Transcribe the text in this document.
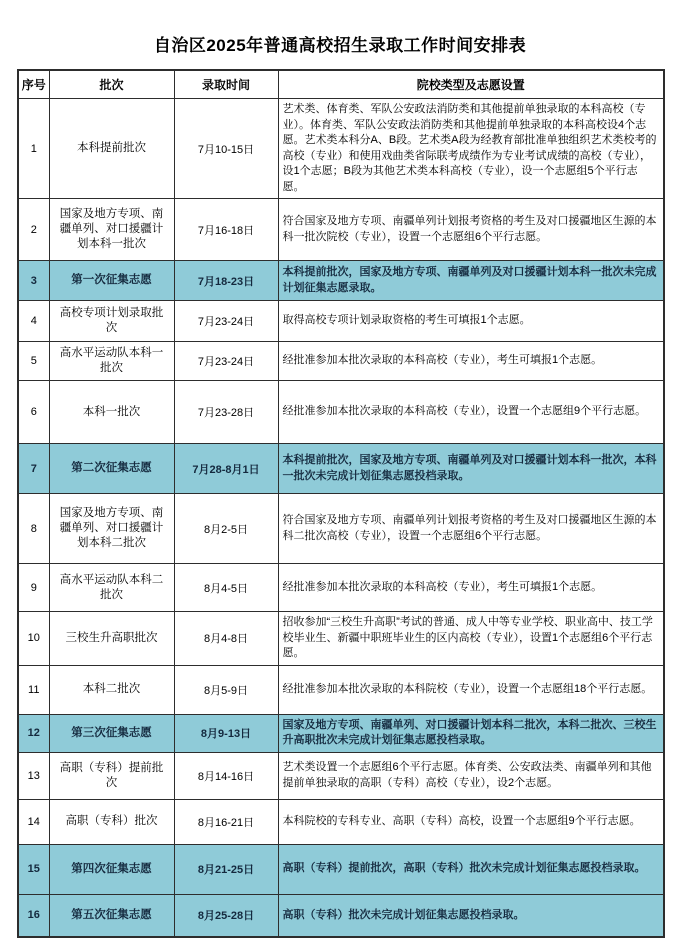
自治区2025年普通高校招生录取工作时间安排表
序号	批次	录取时间	院校类型及志愿设置
1	本科提前批次	7月10-15日	艺术类、体育类、军队公安政法消防类和其他提前单独录取的本科高校（专业）。体育类、军队公安政法消防类和其他提前单独录取的本科高校设4个志愿。艺术类本科分A、B段。艺术类A段为经教育部批准单独组织艺术类校考的高校（专业）和使用戏曲类省际联考成绩作为专业考试成绩的高校（专业），设1个志愿；B段为其他艺术类本科高校（专业），设一个志愿组5个平行志愿。
2	国家及地方专项、南疆单列、对口援疆计划本科一批次	7月16-18日	符合国家及地方专项、南疆单列计划报考资格的考生及对口援疆地区生源的本科一批次院校（专业），设置一个志愿组6个平行志愿。
3	第一次征集志愿	7月18-23日	本科提前批次，国家及地方专项、南疆单列及对口援疆计划本科一批次未完成计划征集志愿录取。
4	高校专项计划录取批次	7月23-24日	取得高校专项计划录取资格的考生可填报1个志愿。
5	高水平运动队本科一批次	7月23-24日	经批准参加本批次录取的本科高校（专业），考生可填报1个志愿。
6	本科一批次	7月23-28日	经批准参加本批次录取的本科高校（专业），设置一个志愿组9个平行志愿。
7	第二次征集志愿	7月28-8月1日	本科提前批次，国家及地方专项、南疆单列及对口援疆计划本科一批次，本科一批次未完成计划征集志愿投档录取。
8	国家及地方专项、南疆单列、对口援疆计划本科二批次	8月2-5日	符合国家及地方专项、南疆单列计划报考资格的考生及对口援疆地区生源的本科二批次高校（专业），设置一个志愿组6个平行志愿。
9	高水平运动队本科二批次	8月4-5日	经批准参加本批次录取的本科高校（专业），考生可填报1个志愿。
10	三校生升高职批次	8月4-8日	招收参加“三校生升高职”考试的普通、成人中等专业学校、职业高中、技工学校毕业生、新疆中职班毕业生的区内高校（专业），设置1个志愿组6个平行志愿。
11	本科二批次	8月5-9日	经批准参加本批次录取的本科院校（专业），设置一个志愿组18个平行志愿。
12	第三次征集志愿	8月9-13日	国家及地方专项、南疆单列、对口援疆计划本科二批次，本科二批次、三校生升高职批次未完成计划征集志愿投档录取。
13	高职（专科）提前批次	8月14-16日	艺术类设置一个志愿组6个平行志愿。体育类、公安政法类、南疆单列和其他提前单独录取的高职（专科）高校（专业），设2个志愿。
14	高职（专科）批次	8月16-21日	本科院校的专科专业、高职（专科）高校，设置一个志愿组9个平行志愿。
15	第四次征集志愿	8月21-25日	高职（专科）提前批次，高职（专科）批次未完成计划征集志愿投档录取。
16	第五次征集志愿	8月25-28日	高职（专科）批次未完成计划征集志愿投档录取。
